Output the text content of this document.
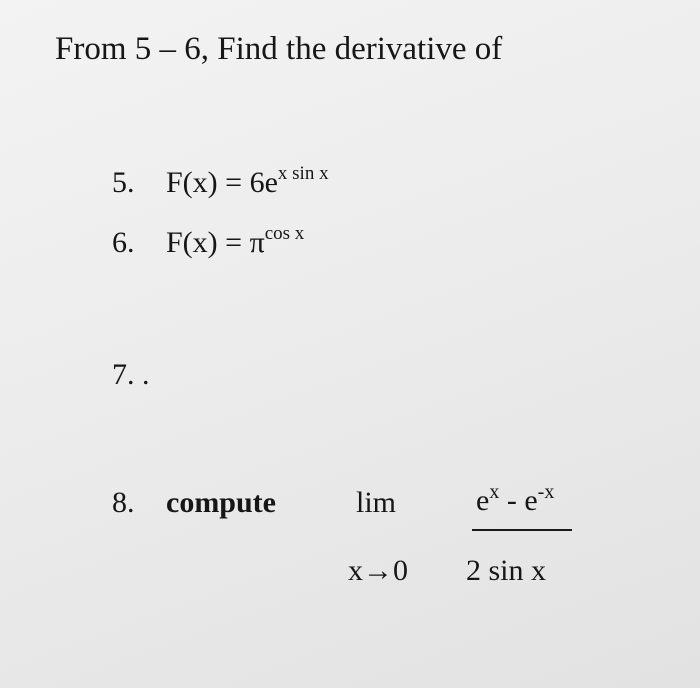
From 5 – 6, Find the derivative of
5. $F(x) = 6e^{x sin x}$
6. $F(x) = \pi^{cos x}$
7. .
8. compute	lim
x→0
$e^x - e^{-x}$
2 sin x
